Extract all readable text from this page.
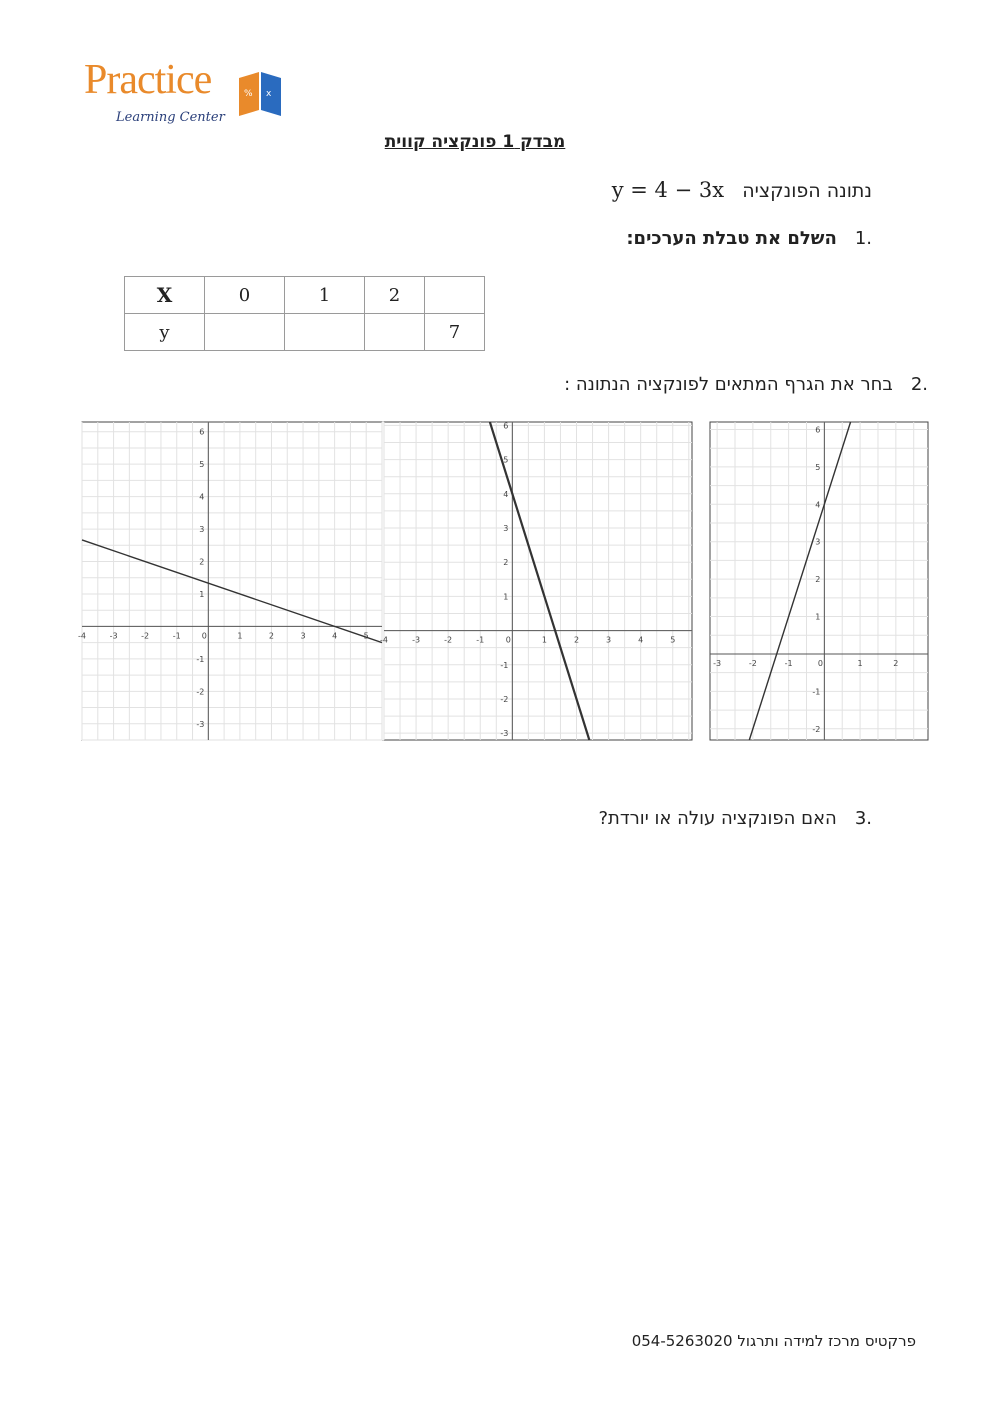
Practice	% x
Learning Center
מבדק 1 פונקציה קווית
נתונה הפונקציה   y = 4 − 3x
.1השלם את טבלת הערכים:
X	0	1	2	
y				7
.2בחר את הגרף המתאים לפונקציה הנתונה :
-4	-3	-2	-1	0	1	2	3	4	5
-3
-2
-1
1
2
3
4
5
6
-4	-3	-2	-1	0	1	2	3	4	5
-3
-2
-1
1
2
3
4
5
6
-3	-2	-1	0	1	2
-2
-1
1
2
3
4
5
6
.3האם הפונקציה עולה או יורדת?
פרקטיס מרכז למידה ותרגול 054-5263020
